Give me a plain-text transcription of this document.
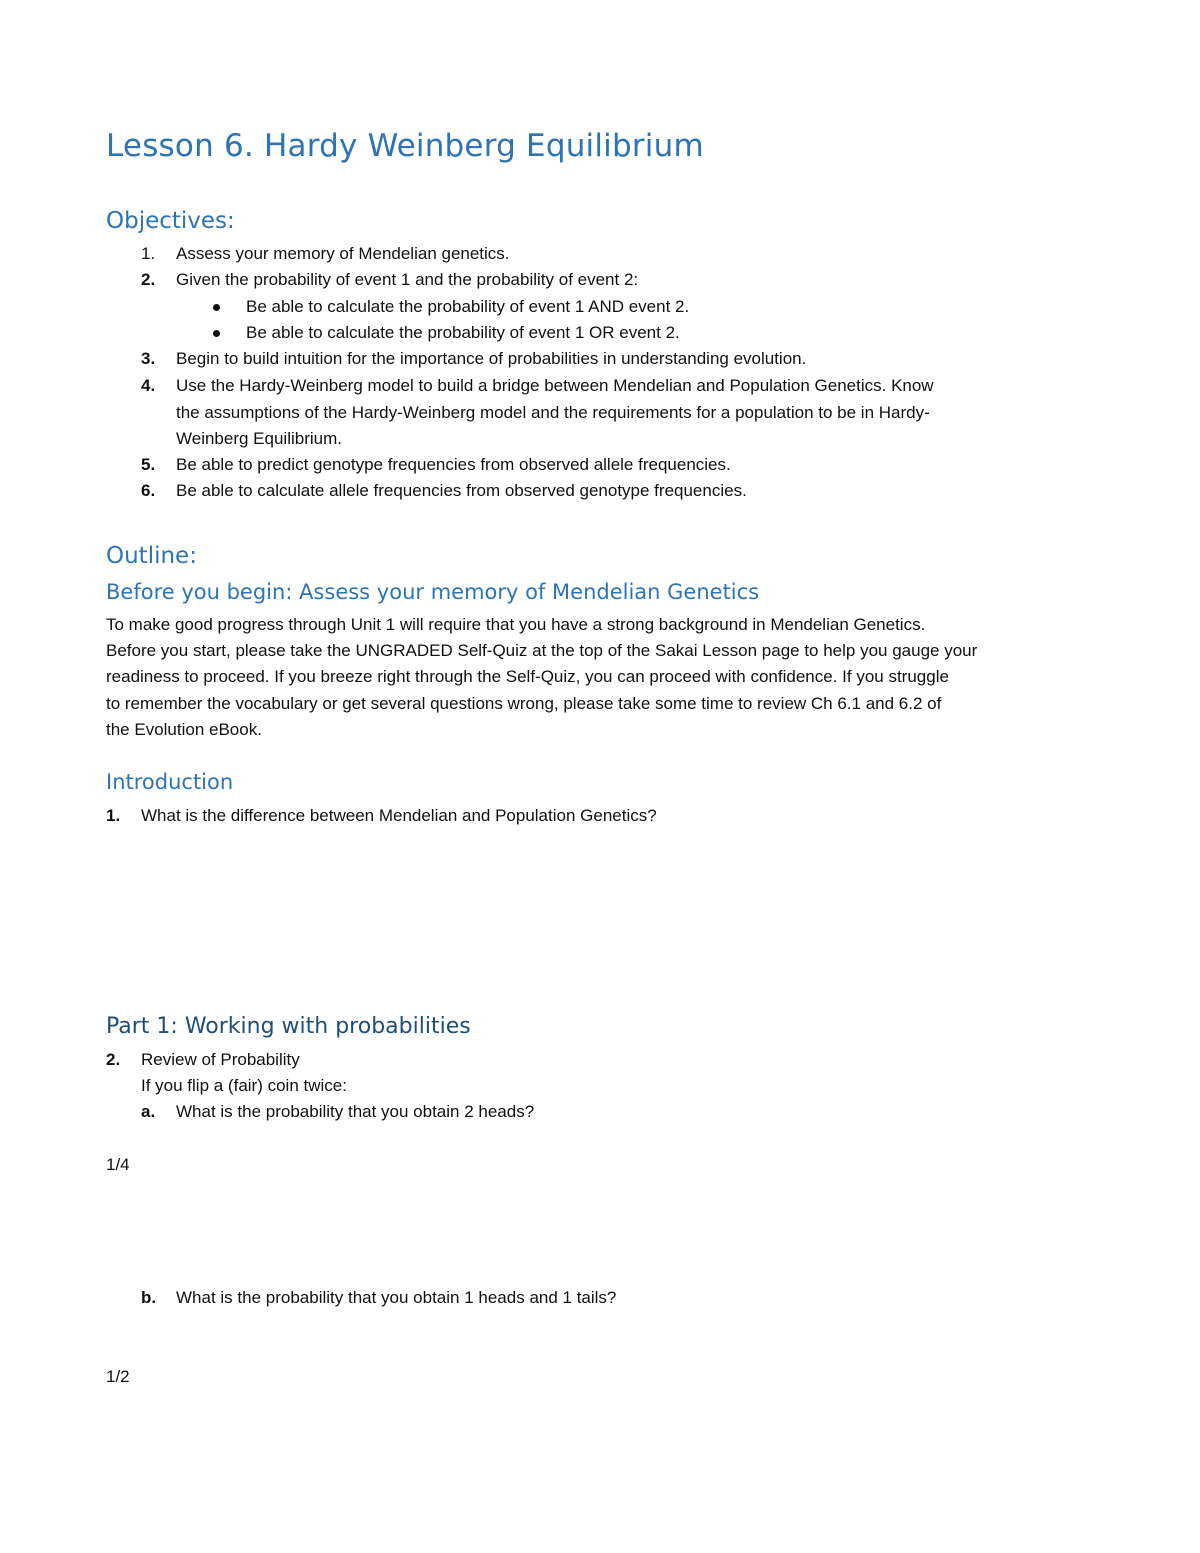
Lesson 6. Hardy Weinberg Equilibrium
Objectives:
1. Assess your memory of Mendelian genetics.
2. Given the probability of event 1 and the probability of event 2:
Be able to calculate the probability of event 1 AND event 2.
Be able to calculate the probability of event 1 OR event 2.
3. Begin to build intuition for the importance of probabilities in understanding evolution.
4. Use the Hardy-Weinberg model to build a bridge between Mendelian and Population Genetics. Know
the assumptions of the Hardy-Weinberg model and the requirements for a population to be in Hardy-
Weinberg Equilibrium.
5. Be able to predict genotype frequencies from observed allele frequencies.
6. Be able to calculate allele frequencies from observed genotype frequencies.
Outline:
Before you begin: Assess your memory of Mendelian Genetics
To make good progress through Unit 1 will require that you have a strong background in Mendelian Genetics.
Before you start, please take the UNGRADED Self-Quiz at the top of the Sakai Lesson page to help you gauge your
readiness to proceed. If you breeze right through the Self-Quiz, you can proceed with confidence. If you struggle
to remember the vocabulary or get several questions wrong, please take some time to review Ch 6.1 and 6.2 of
the Evolution eBook.
Introduction
1. What is the difference between Mendelian and Population Genetics?
Part 1: Working with probabilities
2. Review of Probability
If you flip a (fair) coin twice:
a. What is the probability that you obtain 2 heads?
1/4
b. What is the probability that you obtain 1 heads and 1 tails?
1/2
